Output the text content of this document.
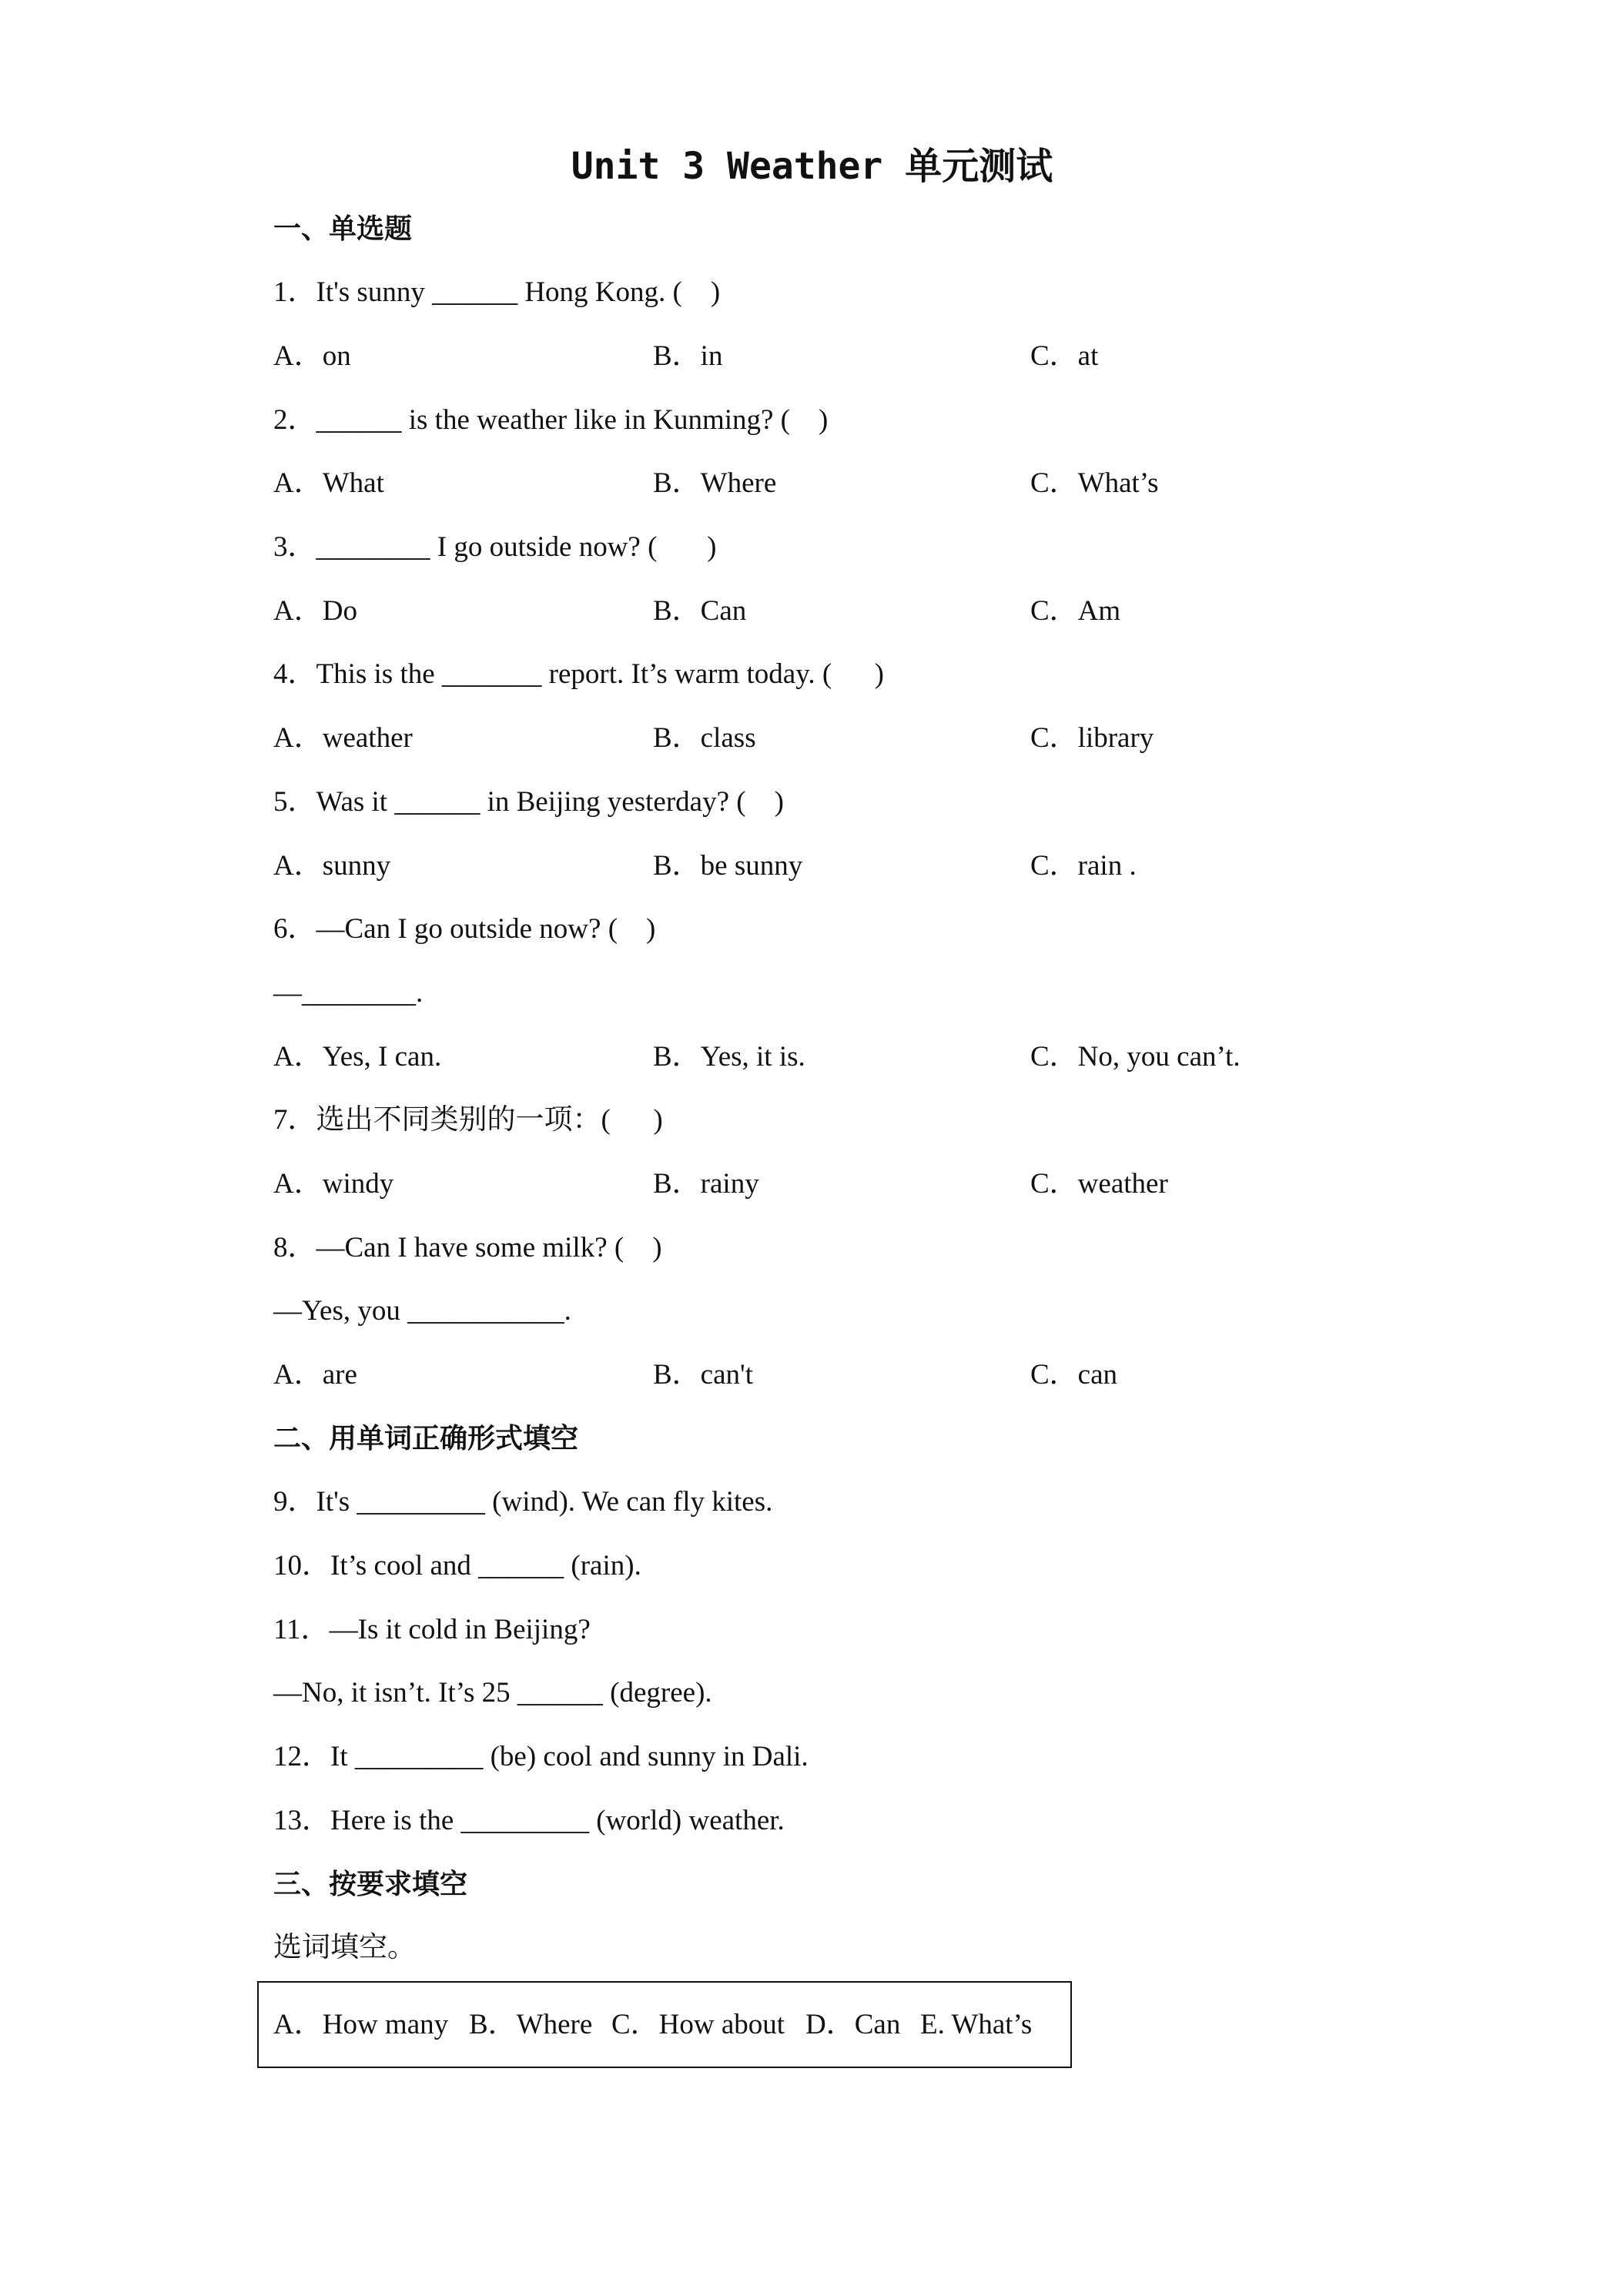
Unit 3 Weather 单元测试
一、单选题
1．It's sunny ______ Hong Kong. (    )

A．on

	B．in

	C．at

2．______ is the weather like in Kunming? (    )

A．What

	B．Where

	C．What’s

3．________ I go outside now? (       )

A．Do

	B．Can

	C．Am

4．This is the _______ report. It’s warm today. (      )

A．weather

	B．class

	C．library

5．Was it ______ in Beijing yesterday? (    )

A．sunny

	B．be sunny

	C．rain .

6．—Can I go outside now? (    )
—________.

A．Yes, I can.

	B．Yes, it is.

	C．No, you can’t.

7．选出不同类别的一项：(      )

A．windy

	B．rainy

	C．weather

8．—Can I have some milk? (    )
—Yes, you ___________.

A．are

	B．can't

	C．can

二、用单词正确形式填空
9．It's _________ (wind). We can fly kites.
10．It’s cool and ______ (rain).
11．—Is it cold in Beijing?
—No, it isn’t. It’s 25 ______ (degree).
12．It _________ (be) cool and sunny in Dali.
13．Here is the _________ (world) weather.
三、按要求填空
选词填空。
A．How many B．Where C．How about D．Can E. What’s
